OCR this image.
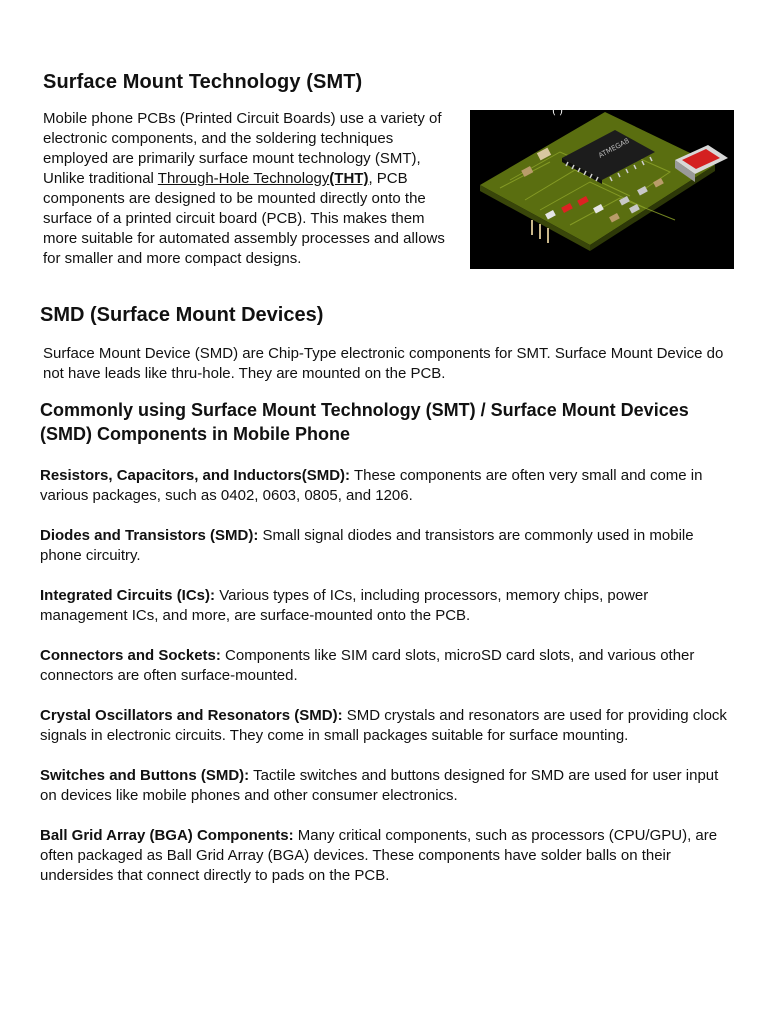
Surface Mount Technology (SMT)

Mobile phone PCBs (Printed Circuit Boards) use a variety of electronic components, and the soldering techniques employed are primarily surface mount technology (SMT), Unlike traditional Through-Hole Technology(THT), PCB components are designed to be mounted directly onto the surface of a printed circuit board (PCB). This makes them more suitable for automated assembly processes and allows for smaller and more compact designs.

ATMEGA8
( )
SMD (Surface Mount Devices)

Surface Mount Device (SMD) are Chip-Type electronic components for SMT. Surface Mount Device do not have leads like thru-hole. They are mounted on the PCB.

Commonly using Surface Mount Technology (SMT) / Surface Mount Devices (SMD) Components in Mobile Phone
Resistors, Capacitors, and Inductors(SMD): These components are often very small and come in various packages, such as 0402, 0603, 0805, and 1206.
Diodes and Transistors (SMD): Small signal diodes and transistors are commonly used in mobile phone circuitry.
Integrated Circuits (ICs): Various types of ICs, including processors, memory chips, power management ICs, and more, are surface-mounted onto the PCB.
Connectors and Sockets: Components like SIM card slots, microSD card slots, and various other connectors are often surface-mounted.
Crystal Oscillators and Resonators (SMD): SMD crystals and resonators are used for providing clock signals in electronic circuits. They come in small packages suitable for surface mounting.
Switches and Buttons (SMD): Tactile switches and buttons designed for SMD are used for user input on devices like mobile phones and other consumer electronics.
Ball Grid Array (BGA) Components: Many critical components, such as processors (CPU/GPU), are often packaged as Ball Grid Array (BGA) devices. These components have solder balls on their undersides that connect directly to pads on the PCB.
